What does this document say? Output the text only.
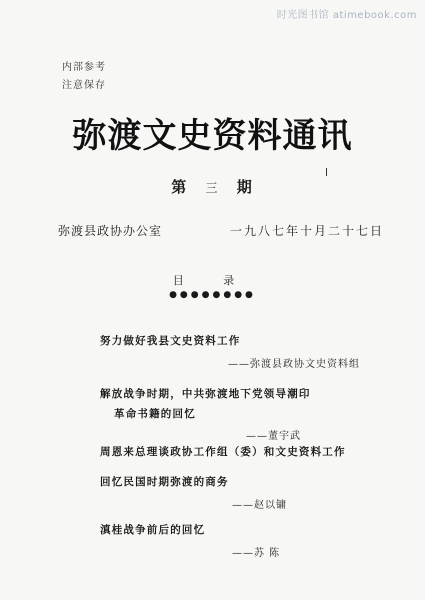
时光图书馆 atimebook.com
内部参考
注意保存
弥渡文史资料通讯
第 三 期
弥渡县政协办公室	一九八七年十月二十七日
目 录
●●●●●●●●
努力做好我县文史资料工作
——弥渡县政协文史资料组
解放战争时期，中共弥渡地下党领导潮印
革命书籍的回忆
——董宇武
周恩来总理谈政协工作组（委）和文史资料工作
回忆民国时期弥渡的商务
——赵以镛
滇桂战争前后的回忆
——苏 陈
